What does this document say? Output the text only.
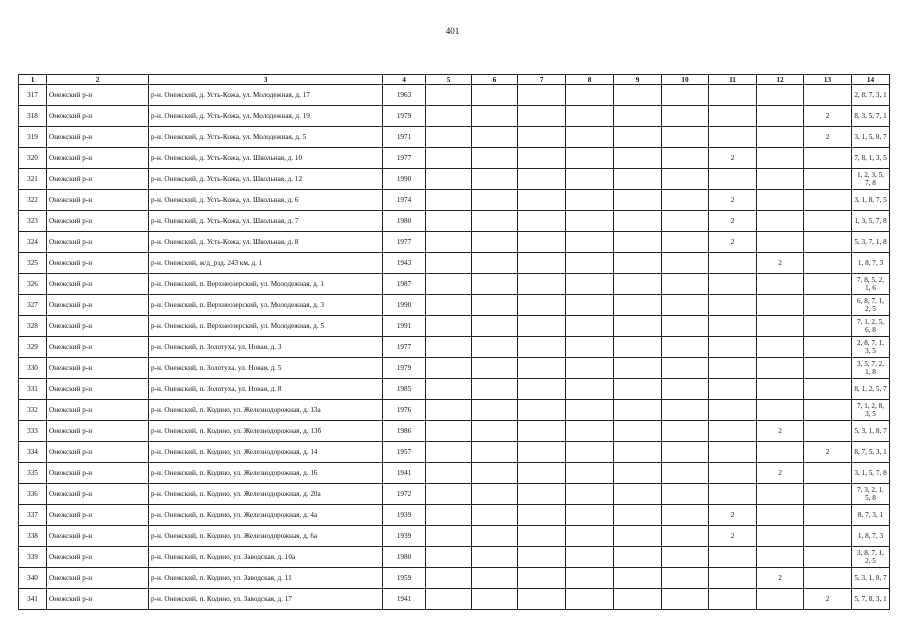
401
1	2	3	4	5	6	7	8	9	10	11	12	13	14
317	Онежский р-н	р-н. Онежский, д. Усть-Кожа, ул. Молодежная, д. 17	1963										2, 8, 7, 3, 1
318	Онежский р-н	р-н. Онежский, д. Усть-Кожа, ул. Молодежная, д. 19	1979									2	8, 3, 5, 7, 1
319	Онежский р-н	р-н. Онежский, д. Усть-Кожа, ул. Молодежная, д. 5	1971									2	3, 1, 5, 8, 7
320	Онежский р-н	р-н. Онежский, д. Усть-Кожа, ул. Школьная, д. 10	1977							2			7, 8, 1, 3, 5
321	Онежский р-н	р-н. Онежский, д. Усть-Кожа, ул. Школьная, д. 12	1990										1, 2, 3, 5, 7, 8
322	Онежский р-н	р-н. Онежский, д. Усть-Кожа, ул. Школьная, д. 6	1974							2			3, 1, 8, 7, 5
323	Онежский р-н	р-н. Онежский, д. Усть-Кожа, ул. Школьная, д. 7	1980							2			1, 3, 5, 7, 8
324	Онежский р-н	р-н. Онежский, д. Усть-Кожа, ул. Школьная, д. 8	1977							2			5, 3, 7, 1, 8
325	Онежский р-н	р-н. Онежский, ж/д_рзд. 243 км, д. 1	1943								2		1, 8, 7, 3
326	Онежский р-н	р-н. Онежский, п. Верхнеозерский, ул. Молодежная, д. 1	1987										7, 8, 5, 2, 1, 6
327	Онежский р-н	р-н. Онежский, п. Верхнеозерский, ул. Молодежная, д. 3	1990										6, 8, 7, 1, 2, 5
328	Онежский р-н	р-н. Онежский, п. Верхнеозерский, ул. Молодежная, д. 5	1991										7, 1, 2, 5, 6, 8
329	Онежский р-н	р-н. Онежский, п. Золотуха, ул. Новая, д. 3	1977										2, 8, 7, 1, 3, 5
330	Онежский р-н	р-н. Онежский, п. Золотуха, ул. Новая, д. 5	1979										3, 5, 7, 2, 1, 8
331	Онежский р-н	р-н. Онежский, п. Золотуха, ул. Новая, д. 8	1985										8, 1, 2, 5, 7
332	Онежский р-н	р-н. Онежский, п. Кодино, ул. Железнодорожная, д. 13а	1976										7, 1, 2, 8, 3, 5
333	Онежский р-н	р-н. Онежский, п. Кодино, ул. Железнодорожная, д. 13б	1986								2		5, 3, 1, 8, 7
334	Онежский р-н	р-н. Онежский, п. Кодино, ул. Железнодорожная, д. 14	1957									2	8, 7, 5, 3, 1
335	Онежский р-н	р-н. Онежский, п. Кодино, ул. Железнодорожная, д. 16	1941								2		3, 1, 5, 7, 8
336	Онежский р-н	р-н. Онежский, п. Кодино, ул. Железнодорожная, д. 20а	1972										7, 3, 2, 1, 5, 8
337	Онежский р-н	р-н. Онежский, п. Кодино, ул. Железнодорожная, д. 4а	1939							2			8, 7, 3, 1
338	Онежский р-н	р-н. Онежский, п. Кодино, ул. Железнодорожная, д. 6а	1939							2			1, 8, 7, 3
339	Онежский р-н	р-н. Онежский, п. Кодино, ул. Заводская, д. 10а	1980										3, 8, 7, 1, 2, 5
340	Онежский р-н	р-н. Онежский, п. Кодино, ул. Заводская, д. 11	1959								2		5, 3, 1, 8, 7
341	Онежский р-н	р-н. Онежский, п. Кодино, ул. Заводская, д. 17	1941									2	5, 7, 8, 3, 1
